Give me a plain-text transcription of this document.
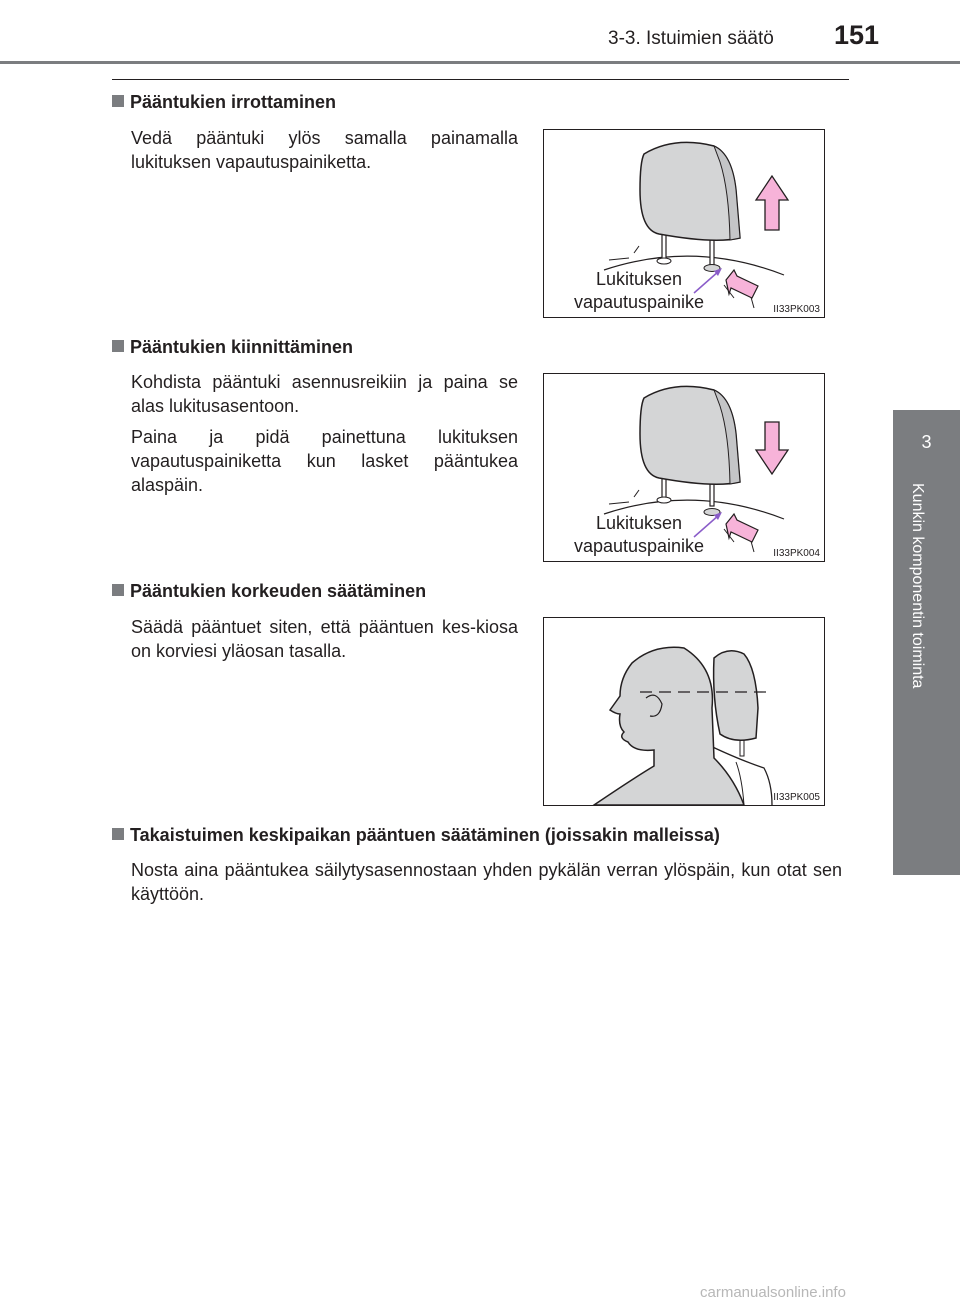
3-3. Istuimien säätö 151
3
Kunkin komponentin toiminta
Pääntukien irrottaminen

Vedä pääntuki ylös samalla painamalla lukituksen vapautuspainiketta.

Lukituksen
vapautuspainike	II33PK003
Pääntukien kiinnittäminen

Kohdista pääntuki asennusreikiin ja paina se alas lukitusasentoon.

Paina ja pidä painettuna lukituksen vapautuspainiketta kun lasket pääntukea alaspäin.

Lukituksen
vapautuspainike	II33PK004
Pääntukien korkeuden säätäminen

Säädä pääntuet siten, että pääntuen kes-kiosa on korviesi yläosan tasalla.

II33PK005
Takaistuimen keskipaikan pääntuen säätäminen (joissakin malleissa)

Nosta aina pääntukea säilytysasennostaan yhden pykälän verran ylöspäin, kun otat sen käyttöön.

carmanualsonline.info
